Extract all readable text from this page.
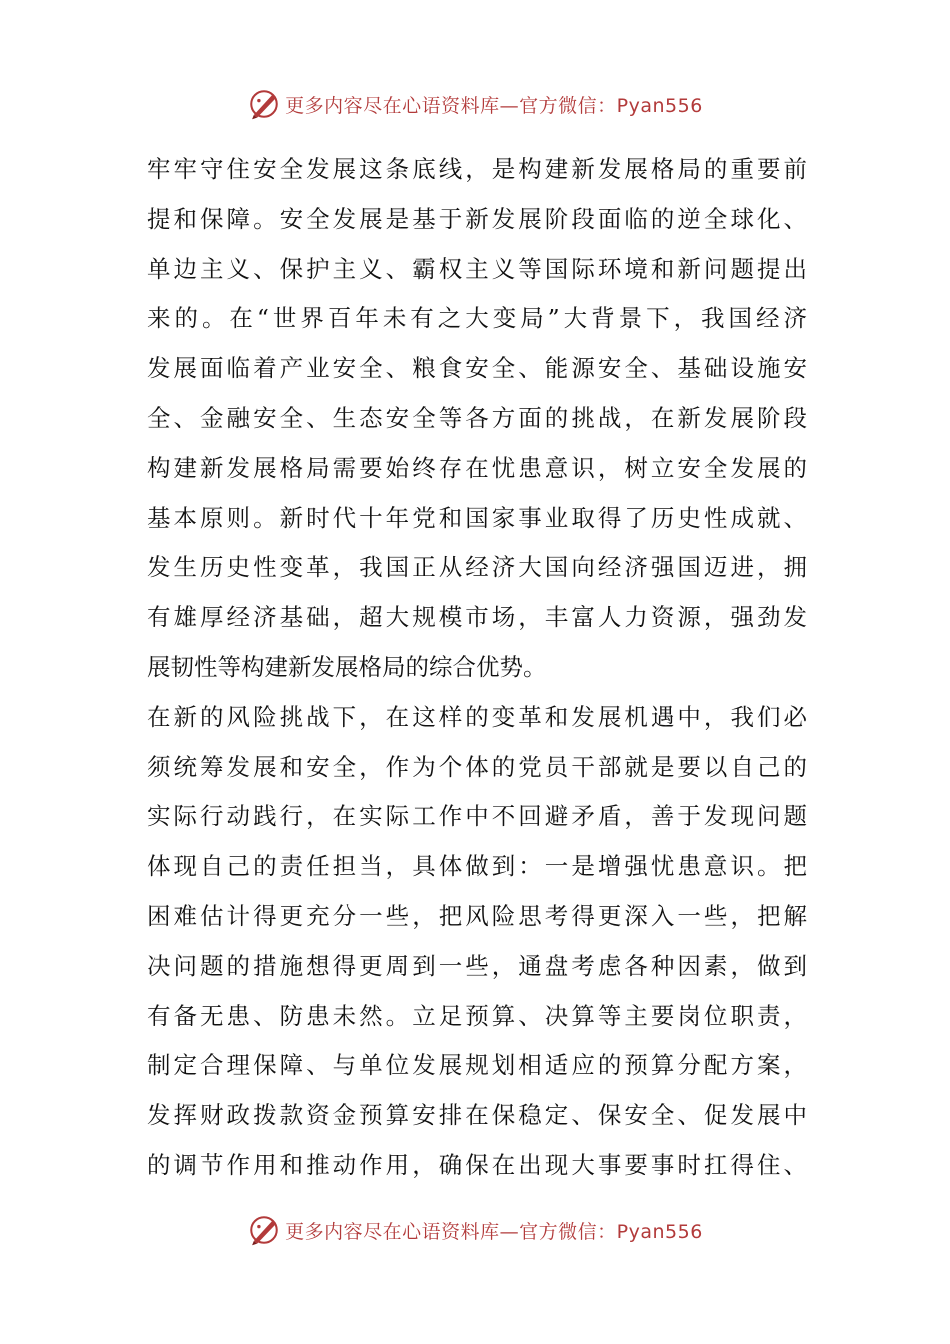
更多内容尽在心语资料库—官方微信：Pyan556
牢牢守住安全发展这条底线，是构建新发展格局的重要前
提和保障。安全发展是基于新发展阶段面临的逆全球化、
单边主义、保护主义、霸权主义等国际环境和新问题提出
来的。在“世界百年未有之大变局”大背景下，我国经济
发展面临着产业安全、粮食安全、能源安全、基础设施安
全、金融安全、生态安全等各方面的挑战，在新发展阶段
构建新发展格局需要始终存在忧患意识，树立安全发展的
基本原则。新时代十年党和国家事业取得了历史性成就、
发生历史性变革，我国正从经济大国向经济强国迈进，拥
有雄厚经济基础，超大规模市场，丰富人力资源，强劲发
展韧性等构建新发展格局的综合优势。
在新的风险挑战下，在这样的变革和发展机遇中，我们必
须统筹发展和安全，作为个体的党员干部就是要以自己的
实际行动践行，在实际工作中不回避矛盾，善于发现问题
体现自己的责任担当，具体做到：一是增强忧患意识。把
困难估计得更充分一些，把风险思考得更深入一些，把解
决问题的措施想得更周到一些，通盘考虑各种因素，做到
有备无患、防患未然。立足预算、决算等主要岗位职责，
制定合理保障、与单位发展规划相适应的预算分配方案，
发挥财政拨款资金预算安排在保稳定、保安全、促发展中
的调节作用和推动作用，确保在出现大事要事时扛得住、
更多内容尽在心语资料库—官方微信：Pyan556
